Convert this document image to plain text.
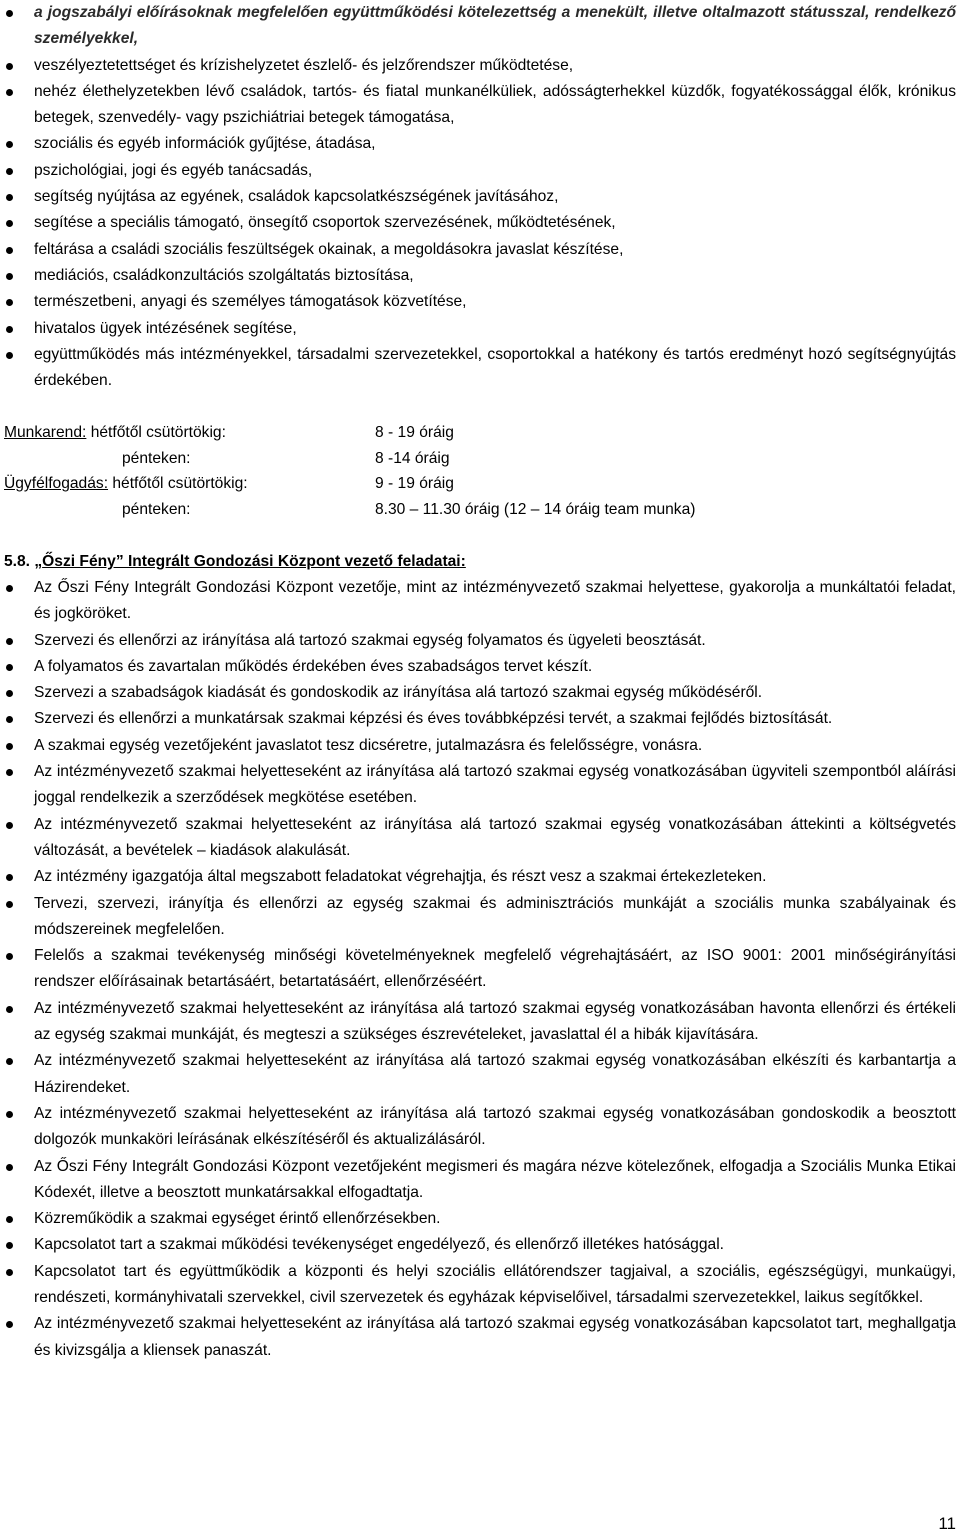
a jogszabályi előírásoknak megfelelően együttműködési kötelezettség a menekült, illetve oltalmazott státusszal, rendelkező személyekkel,
veszélyeztetettséget és krízishelyzetet észlelő- és jelzőrendszer működtetése,
nehéz élethelyzetekben lévő családok, tartós- és fiatal munkanélküliek, adósságterhekkel küzdők, fogyatékossággal élők, krónikus betegek, szenvedély- vagy pszichiátriai betegek támogatása,
szociális és egyéb információk gyűjtése, átadása,
pszichológiai, jogi és egyéb tanácsadás,
segítség nyújtása az egyének, családok kapcsolatkészségének javításához,
segítése a speciális támogató, önsegítő csoportok szervezésének, működtetésének,
feltárása a családi szociális feszültségek okainak, a megoldásokra javaslat készítése,
mediációs, családkonzultációs szolgáltatás biztosítása,
természetbeni, anyagi és személyes támogatások közvetítése,
hivatalos ügyek intézésének segítése,
együttműködés más intézményekkel, társadalmi szervezetekkel, csoportokkal a hatékony és tartós eredményt hozó segítségnyújtás érdekében.
Munkarend: hétfőtől csütörtökig:	8 - 19 óráig
pénteken:	8 -14 óráig
Ügyfélfogadás: hétfőtől csütörtökig:	9 - 19 óráig
pénteken:	8.30 – 11.30 óráig (12 – 14 óráig team munka)
5.8. „Őszi Fény” Integrált Gondozási Központ vezető feladatai:
Az Őszi Fény Integrált Gondozási Központ vezetője, mint az intézményvezető szakmai helyettese, gyakorolja a munkáltatói feladat, és jogköröket.
Szervezi és ellenőrzi az irányítása alá tartozó szakmai egység folyamatos és ügyeleti beosztását.
A folyamatos és zavartalan működés érdekében éves szabadságos tervet készít.
Szervezi a szabadságok kiadását és gondoskodik az irányítása alá tartozó szakmai egység működéséről.
Szervezi és ellenőrzi a munkatársak szakmai képzési és éves továbbképzési tervét, a szakmai fejlődés biztosítását.
A szakmai egység vezetőjeként javaslatot tesz dicséretre, jutalmazásra és felelősségre, vonásra.
Az intézményvezető szakmai helyetteseként az irányítása alá tartozó szakmai egység vonatkozásában ügyviteli szempontból aláírási joggal rendelkezik a szerződések megkötése esetében.
Az intézményvezető szakmai helyetteseként az irányítása alá tartozó szakmai egység vonatkozásában áttekinti a költségvetés változását, a bevételek – kiadások alakulását.
Az intézmény igazgatója által megszabott feladatokat végrehajtja, és részt vesz a szakmai értekezleteken.
Tervezi, szervezi, irányítja és ellenőrzi az egység szakmai és adminisztrációs munkáját a szociális munka szabályainak és módszereinek megfelelően.
Felelős a szakmai tevékenység minőségi követelményeknek megfelelő végrehajtásáért, az ISO 9001: 2001 minőségirányítási rendszer előírásainak betartásáért, betartatásáért, ellenőrzéséért.
Az intézményvezető szakmai helyetteseként az irányítása alá tartozó szakmai egység vonatkozásában havonta ellenőrzi és értékeli az egység szakmai munkáját, és megteszi a szükséges észrevételeket, javaslattal él a hibák kijavítására.
Az intézményvezető szakmai helyetteseként az irányítása alá tartozó szakmai egység vonatkozásában elkészíti és karbantartja a Házirendeket.
Az intézményvezető szakmai helyetteseként az irányítása alá tartozó szakmai egység vonatkozásában gondoskodik a beosztott dolgozók munkaköri leírásának elkészítéséről és aktualizálásáról.
Az Őszi Fény Integrált Gondozási Központ vezetőjeként megismeri és magára nézve kötelezőnek, elfogadja a Szociális Munka Etikai Kódexét, illetve a beosztott munkatársakkal elfogadtatja.
Közreműködik a szakmai egységet érintő ellenőrzésekben.
Kapcsolatot tart a szakmai működési tevékenységet engedélyező, és ellenőrző illetékes hatósággal.
Kapcsolatot tart és együttműködik a központi és helyi szociális ellátórendszer tagjaival, a szociális, egészségügyi, munkaügyi, rendészeti, kormányhivatali szervekkel, civil szervezetek és egyházak képviselőivel, társadalmi szervezetekkel, laikus segítőkkel.
Az intézményvezető szakmai helyetteseként az irányítása alá tartozó szakmai egység vonatkozásában kapcsolatot tart, meghallgatja és kivizsgálja a kliensek panaszát.
11
